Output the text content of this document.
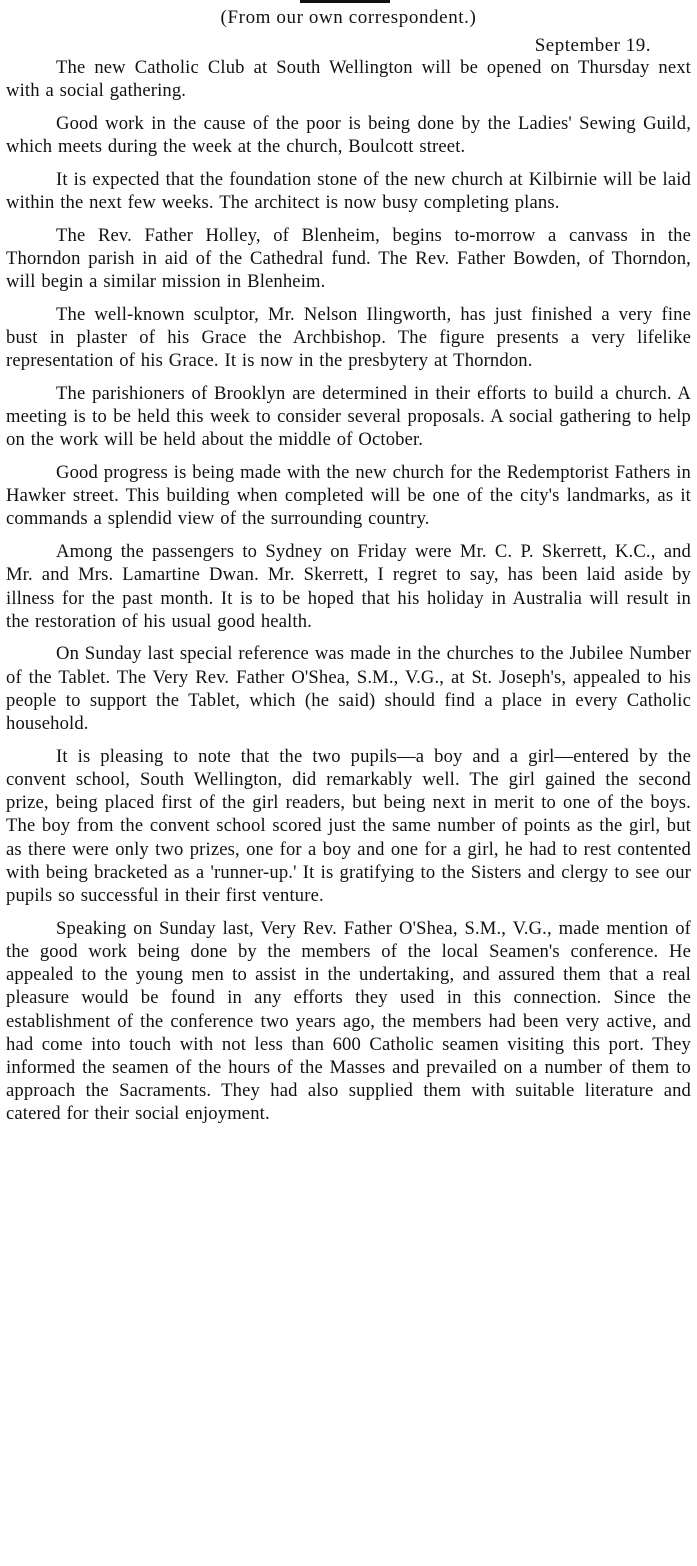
(From our own correspondent.)

September 19.

The new Catholic Club at South Wellington will be opened on Thursday next with a social gathering.

Good work in the cause of the poor is being done by the Ladies' Sewing Guild, which meets during the week at the church, Boulcott street.

It is expected that the foundation stone of the new church at Kilbirnie will be laid within the next few weeks. The architect is now busy completing plans.

The Rev. Father Holley, of Blenheim, begins to-morrow a canvass in the Thorndon parish in aid of the Cathedral fund. The Rev. Father Bowden, of Thorndon, will begin a similar mission in Blenheim.

The well-known sculptor, Mr. Nelson Ilingworth, has just finished a very fine bust in plaster of his Grace the Archbishop. The figure presents a very lifelike representation of his Grace. It is now in the presbytery at Thorndon.

The parishioners of Brooklyn are determined in their efforts to build a church. A meeting is to be held this week to consider several proposals. A social gathering to help on the work will be held about the middle of October.

Good progress is being made with the new church for the Redemptorist Fathers in Hawker street. This building when completed will be one of the city's landmarks, as it commands a splendid view of the surrounding country.

Among the passengers to Sydney on Friday were Mr. C. P. Skerrett, K.C., and Mr. and Mrs. Lamartine Dwan. Mr. Skerrett, I regret to say, has been laid aside by illness for the past month. It is to be hoped that his holiday in Australia will result in the restoration of his usual good health.

On Sunday last special reference was made in the churches to the Jubilee Number of the Tablet. The Very Rev. Father O'Shea, S.M., V.G., at St. Joseph's, appealed to his people to support the Tablet, which (he said) should find a place in every Catholic household.

It is pleasing to note that the two pupils—a boy and a girl—entered by the convent school, South Wellington, did remarkably well. The girl gained the second prize, being placed first of the girl readers, but being next in merit to one of the boys. The boy from the convent school scored just the same number of points as the girl, but as there were only two prizes, one for a boy and one for a girl, he had to rest contented with being bracketed as a 'runner-up.' It is gratifying to the Sisters and clergy to see our pupils so successful in their first venture.

Speaking on Sunday last, Very Rev. Father O'Shea, S.M., V.G., made mention of the good work being done by the members of the local Seamen's conference. He appealed to the young men to assist in the undertaking, and assured them that a real pleasure would be found in any efforts they used in this connection. Since the establishment of the conference two years ago, the members had been very active, and had come into touch with not less than 600 Catholic seamen visiting this port. They informed the seamen of the hours of the Masses and prevailed on a number of them to approach the Sacraments. They had also supplied them with suitable literature and catered for their social enjoyment.
